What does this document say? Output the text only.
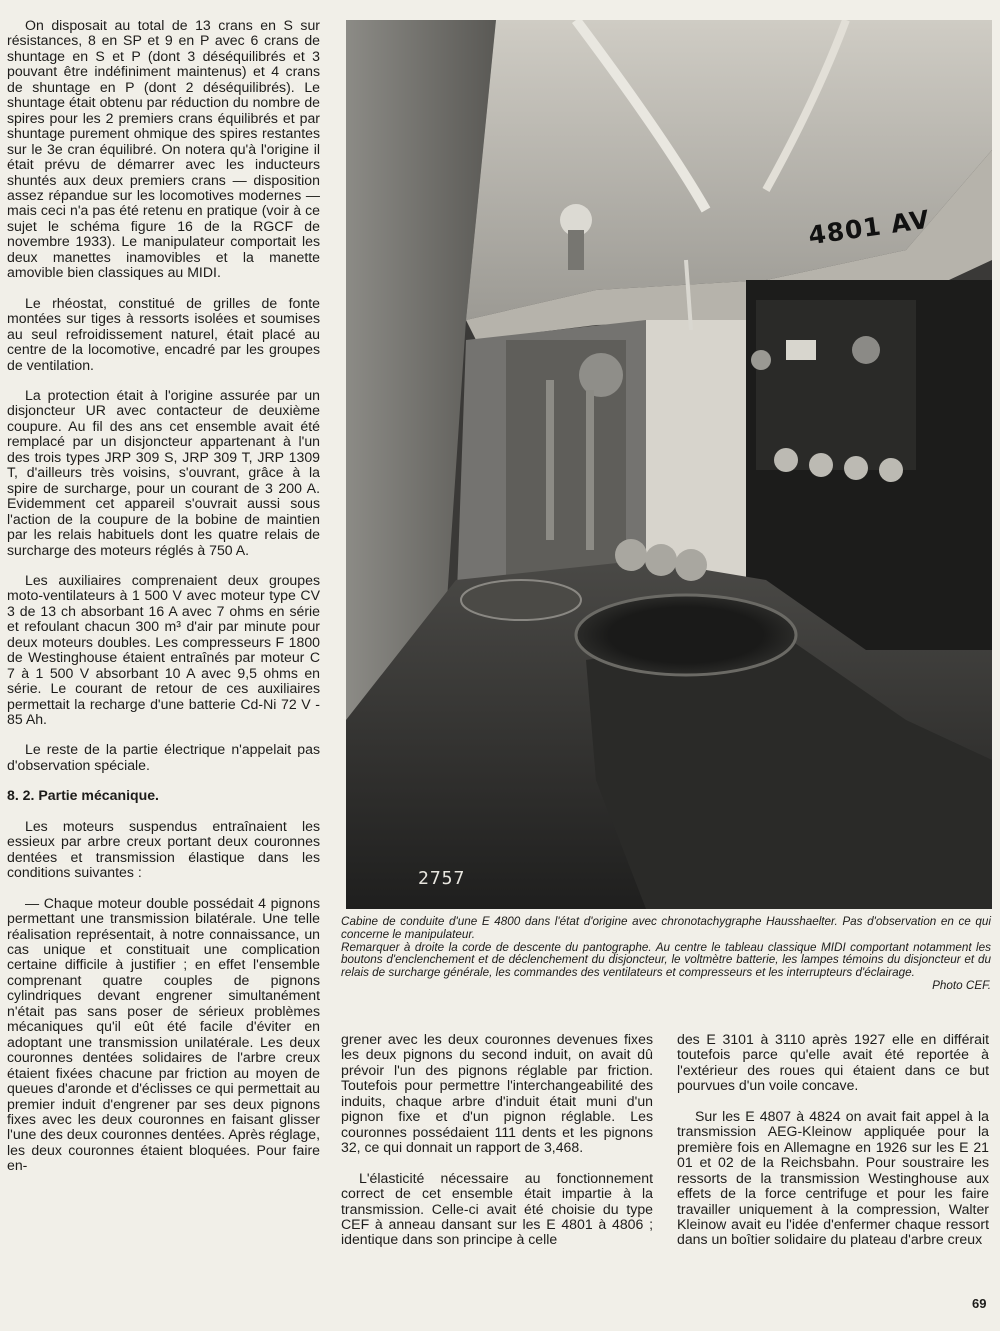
On disposait au total de 13 crans en S sur résistances, 8 en SP et 9 en P avec 6 crans de shuntage en S et P (dont 3 déséquilibrés et 3 pouvant être indéfiniment maintenus) et 4 crans de shuntage en P (dont 2 déséquilibrés). Le shuntage était obtenu par réduction du nombre de spires pour les 2 premiers crans équilibrés et par shuntage purement ohmique des spires restantes sur le 3e cran équilibré. On notera qu'à l'origine il était prévu de démarrer avec les inducteurs shuntés aux deux premiers crans — disposition assez répandue sur les locomotives modernes — mais ceci n'a pas été retenu en pratique (voir à ce sujet le schéma figure 16 de la RGCF de novembre 1933). Le manipulateur comportait les deux manettes inamovibles et la manette amovible bien classiques au MIDI.

Le rhéostat, constitué de grilles de fonte montées sur tiges à ressorts isolées et soumises au seul refroidissement naturel, était placé au centre de la locomotive, encadré par les groupes de ventilation.

La protection était à l'origine assurée par un disjoncteur UR avec contacteur de deuxième coupure. Au fil des ans cet ensemble avait été remplacé par un disjoncteur appartenant à l'un des trois types JRP 309 S, JRP 309 T, JRP 1309 T, d'ailleurs très voisins, s'ouvrant, grâce à la spire de surcharge, pour un courant de 3 200 A. Evidemment cet appareil s'ouvrait aussi sous l'action de la coupure de la bobine de maintien par les relais habituels dont les quatre relais de surcharge des moteurs réglés à 750 A.

Les auxiliaires comprenaient deux groupes moto-ventilateurs à 1 500 V avec moteur type CV 3 de 13 ch absorbant 16 A avec 7 ohms en série et refoulant chacun 300 m³ d'air par minute pour deux moteurs doubles. Les compresseurs F 1800 de Westinghouse étaient entraînés par moteur C 7 à 1 500 V absorbant 10 A avec 9,5 ohms en série. Le courant de retour de ces auxiliaires permettait la recharge d'une batterie Cd-Ni 72 V - 85 Ah.

Le reste de la partie électrique n'appelait pas d'observation spéciale.

8. 2. Partie mécanique.

Les moteurs suspendus entraînaient les essieux par arbre creux portant deux couronnes dentées et transmission élastique dans les conditions suivantes :

— Chaque moteur double possédait 4 pignons permettant une transmission bilatérale. Une telle réalisation représentait, à notre connaissance, un cas unique et constituait une complication certaine difficile à justifier ; en effet l'ensemble comprenant quatre couples de pignons cylindriques devant engrener simultanément n'était pas sans poser de sérieux problèmes mécaniques qu'il eût été facile d'éviter en adoptant une transmission unilatérale. Les deux couronnes dentées solidaires de l'arbre creux étaient fixées chacune par friction au moyen de queues d'aronde et d'éclisses ce qui permettait au premier induit d'engrener par ses deux pignons fixes avec les deux couronnes en faisant glisser l'une des deux couronnes dentées. Après réglage, les deux couronnes étaient bloquées. Pour faire en-

4801 AV
2757

Cabine de conduite d'une E 4800 dans l'état d'origine avec chronotachygraphe Hausshaelter. Pas d'observation en ce qui concerne le manipulateur.

Remarquer à droite la corde de descente du pantographe. Au centre le tableau classique MIDI comportant notamment les boutons d'enclenchement et de déclenchement du disjoncteur, le voltmètre batterie, les lampes témoins du disjoncteur et du relais de surcharge générale, les commandes des ventilateurs et compresseurs et les interrupteurs d'éclairage.

Photo CEF.

grener avec les deux couronnes devenues fixes les deux pignons du second induit, on avait dû prévoir l'un des pignons réglable par friction. Toutefois pour permettre l'interchangeabilité des induits, chaque arbre d'induit était muni d'un pignon fixe et d'un pignon réglable. Les couronnes possédaient 111 dents et les pignons 32, ce qui donnait un rapport de 3,468.

L'élasticité nécessaire au fonctionnement correct de cet ensemble était impartie à la transmission. Celle-ci avait été choisie du type CEF à anneau dansant sur les E 4801 à 4806 ; identique dans son principe à celle

des E 3101 à 3110 après 1927 elle en différait toutefois parce qu'elle avait été reportée à l'extérieur des roues qui étaient dans ce but pourvues d'un voile concave.

Sur les E 4807 à 4824 on avait fait appel à la transmission AEG-Kleinow appliquée pour la première fois en Allemagne en 1926 sur les E 21 01 et 02 de la Reichsbahn. Pour soustraire les ressorts de la transmission Westinghouse aux effets de la force centrifuge et pour les faire travailler uniquement à la compression, Walter Kleinow avait eu l'idée d'enfermer chaque ressort dans un boîtier solidaire du plateau d'arbre creux

69
